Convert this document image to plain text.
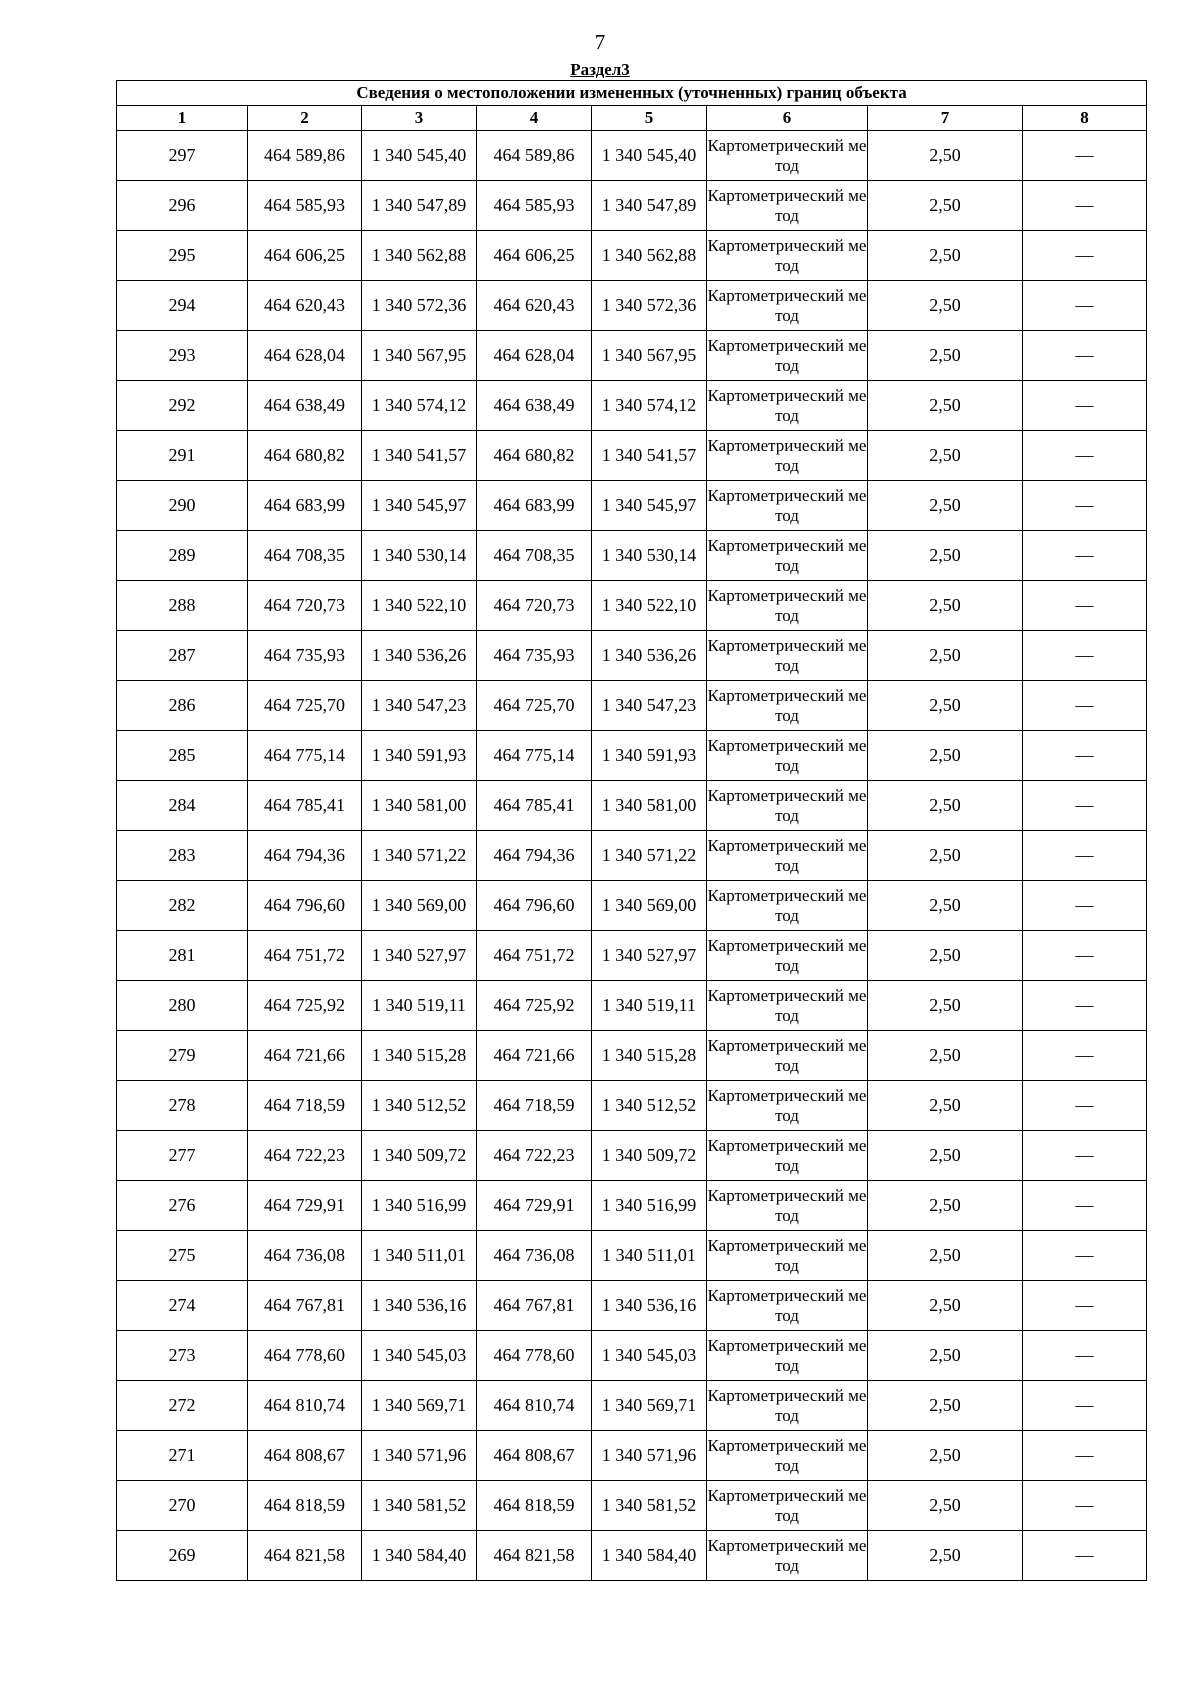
7
Раздел3
Сведения о местоположении измененных (уточненных) границ объекта							
1	2	3	4	5	6	7	8
297	464 589,86	1 340 545,40	464 589,86	1 340 545,40	Картометрический метод	2,50	—
296	464 585,93	1 340 547,89	464 585,93	1 340 547,89	Картометрический метод	2,50	—
295	464 606,25	1 340 562,88	464 606,25	1 340 562,88	Картометрический метод	2,50	—
294	464 620,43	1 340 572,36	464 620,43	1 340 572,36	Картометрический метод	2,50	—
293	464 628,04	1 340 567,95	464 628,04	1 340 567,95	Картометрический метод	2,50	—
292	464 638,49	1 340 574,12	464 638,49	1 340 574,12	Картометрический метод	2,50	—
291	464 680,82	1 340 541,57	464 680,82	1 340 541,57	Картометрический метод	2,50	—
290	464 683,99	1 340 545,97	464 683,99	1 340 545,97	Картометрический метод	2,50	—
289	464 708,35	1 340 530,14	464 708,35	1 340 530,14	Картометрический метод	2,50	—
288	464 720,73	1 340 522,10	464 720,73	1 340 522,10	Картометрический метод	2,50	—
287	464 735,93	1 340 536,26	464 735,93	1 340 536,26	Картометрический метод	2,50	—
286	464 725,70	1 340 547,23	464 725,70	1 340 547,23	Картометрический метод	2,50	—
285	464 775,14	1 340 591,93	464 775,14	1 340 591,93	Картометрический метод	2,50	—
284	464 785,41	1 340 581,00	464 785,41	1 340 581,00	Картометрический метод	2,50	—
283	464 794,36	1 340 571,22	464 794,36	1 340 571,22	Картометрический метод	2,50	—
282	464 796,60	1 340 569,00	464 796,60	1 340 569,00	Картометрический метод	2,50	—
281	464 751,72	1 340 527,97	464 751,72	1 340 527,97	Картометрический метод	2,50	—
280	464 725,92	1 340 519,11	464 725,92	1 340 519,11	Картометрический метод	2,50	—
279	464 721,66	1 340 515,28	464 721,66	1 340 515,28	Картометрический метод	2,50	—
278	464 718,59	1 340 512,52	464 718,59	1 340 512,52	Картометрический метод	2,50	—
277	464 722,23	1 340 509,72	464 722,23	1 340 509,72	Картометрический метод	2,50	—
276	464 729,91	1 340 516,99	464 729,91	1 340 516,99	Картометрический метод	2,50	—
275	464 736,08	1 340 511,01	464 736,08	1 340 511,01	Картометрический метод	2,50	—
274	464 767,81	1 340 536,16	464 767,81	1 340 536,16	Картометрический метод	2,50	—
273	464 778,60	1 340 545,03	464 778,60	1 340 545,03	Картометрический метод	2,50	—
272	464 810,74	1 340 569,71	464 810,74	1 340 569,71	Картометрический метод	2,50	—
271	464 808,67	1 340 571,96	464 808,67	1 340 571,96	Картометрический метод	2,50	—
270	464 818,59	1 340 581,52	464 818,59	1 340 581,52	Картометрический метод	2,50	—
269	464 821,58	1 340 584,40	464 821,58	1 340 584,40	Картометрический метод	2,50	—
